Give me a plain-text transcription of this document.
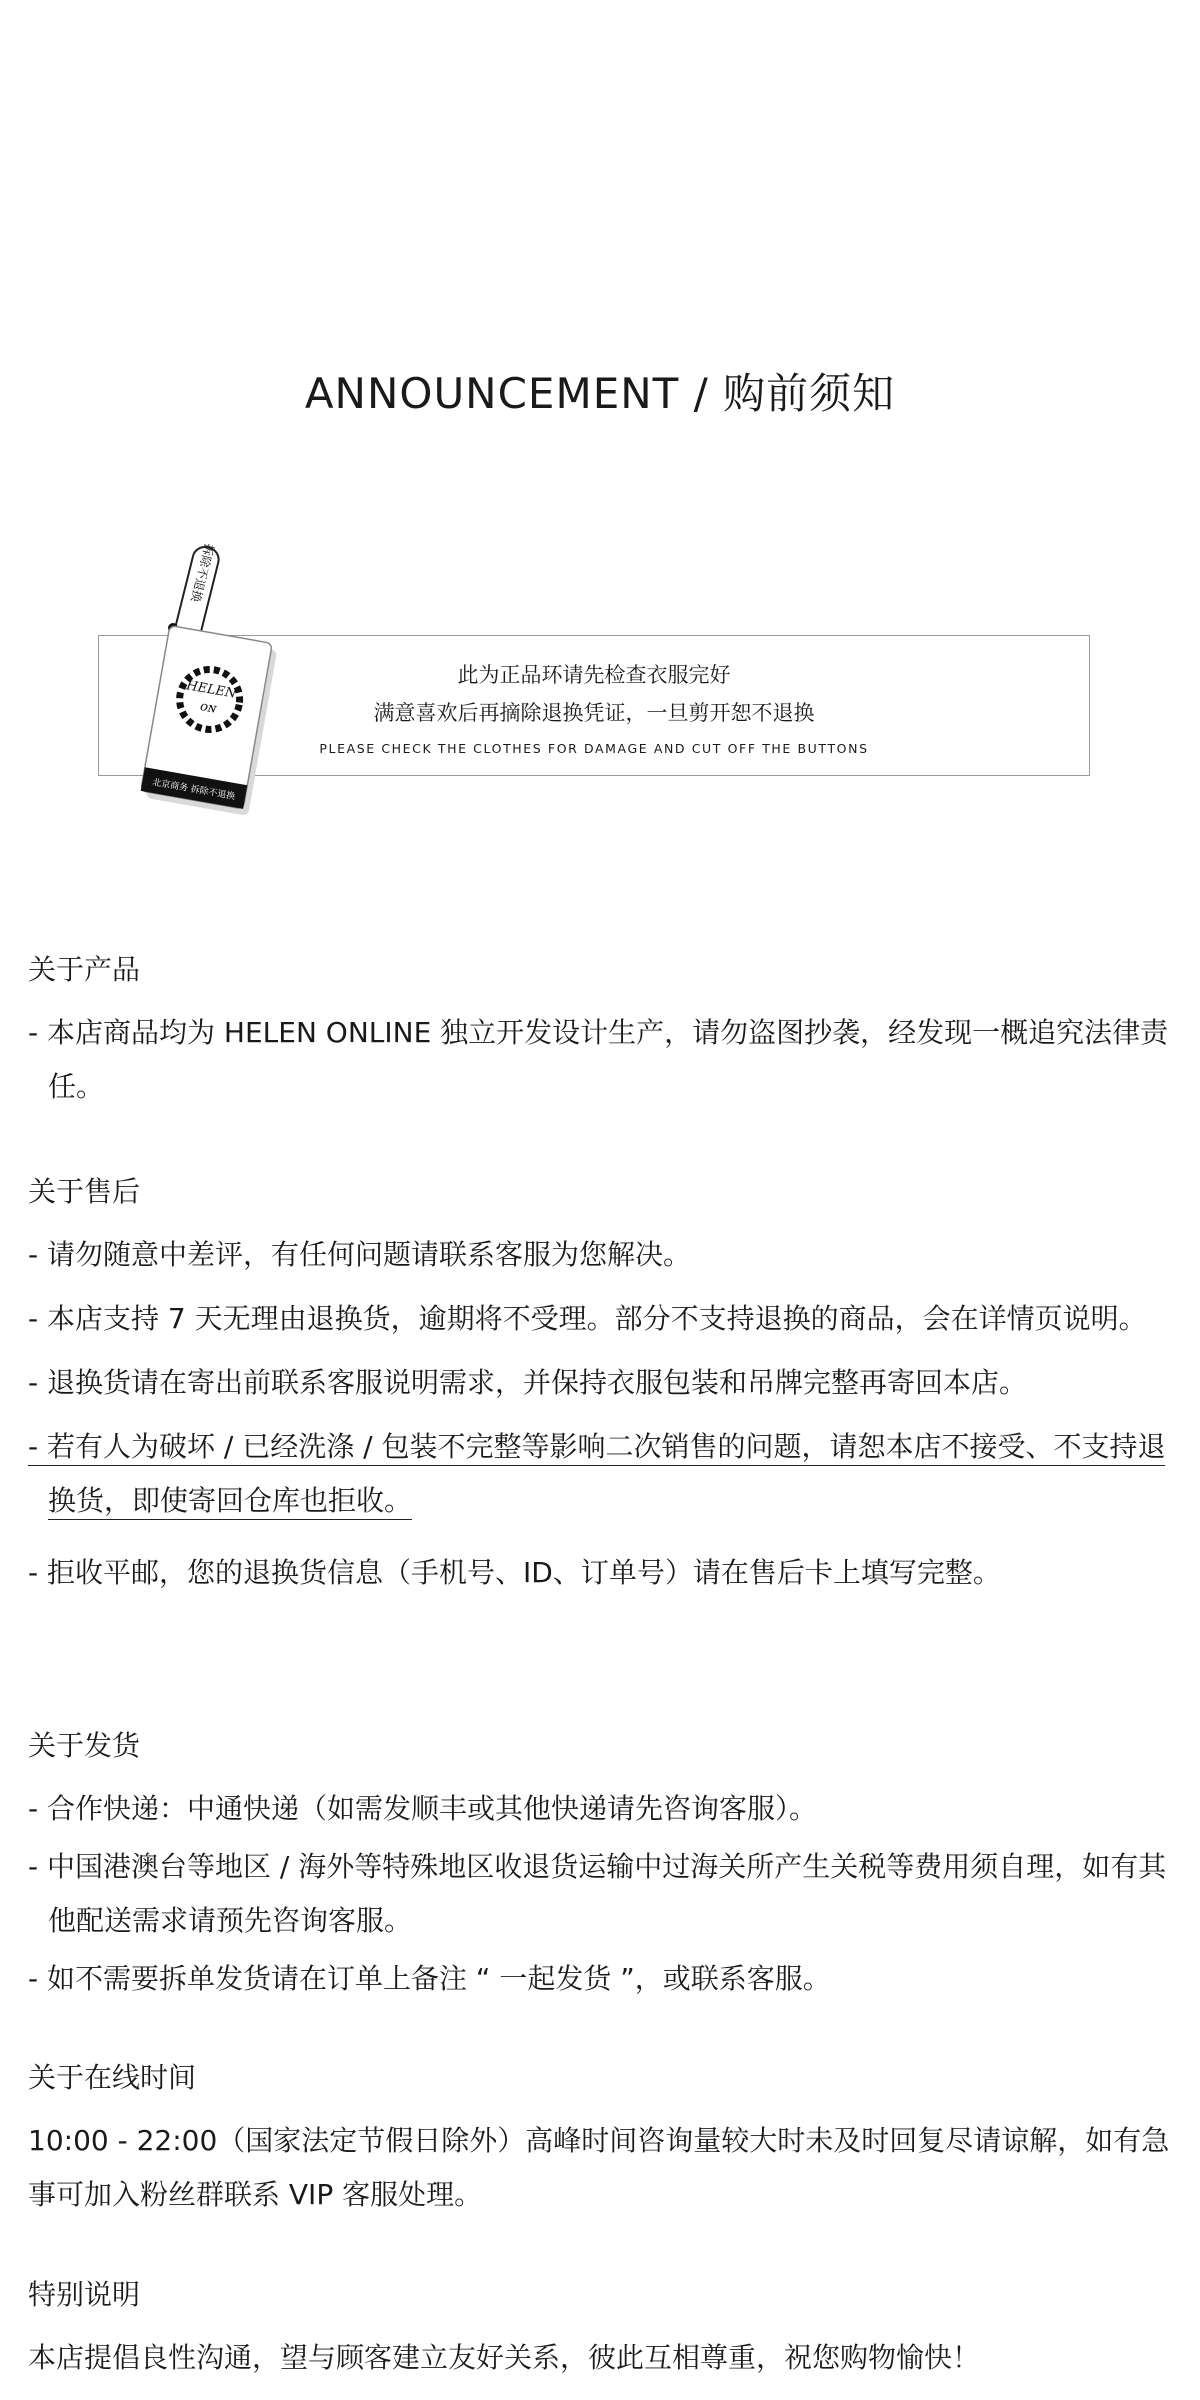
ANNOUNCEMENT / 购前须知

此为正品环请先检查衣服完好

满意喜欢后再摘除退换凭证，一旦剪开恕不退换

PLEASE CHECK THE CLOTHES FOR DAMAGE AND CUT OFF THE BUTTONS

拆除不退换
HELEN
ᴏɴ
北京商务 拆除不退换

关于产品

- 本店商品均为 HELEN ONLINE 独立开发设计生产，请勿盗图抄袭，经发现一概追究法律责任。

关于售后

- 请勿随意中差评，有任何问题请联系客服为您解决。

- 本店支持 7 天无理由退换货，逾期将不受理。部分不支持退换的商品，会在详情页说明。

- 退换货请在寄出前联系客服说明需求，并保持衣服包装和吊牌完整再寄回本店。

- 若有人为破坏 / 已经洗涤 / 包装不完整等影响二次销售的问题，请恕本店不接受、不支持退换货，即使寄回仓库也拒收。

- 拒收平邮，您的退换货信息（手机号、ID、订单号）请在售后卡上填写完整。

关于发货

- 合作快递：中通快递（如需发顺丰或其他快递请先咨询客服）。

- 中国港澳台等地区 / 海外等特殊地区收退货运输中过海关所产生关税等费用须自理，如有其他配送需求请预先咨询客服。

- 如不需要拆单发货请在订单上备注 “ 一起发货 ”，或联系客服。

关于在线时间

10:00 - 22:00（国家法定节假日除外）高峰时间咨询量较大时未及时回复尽请谅解，如有急事可加入粉丝群联系 VIP 客服处理。

特别说明

本店提倡良性沟通，望与顾客建立友好关系，彼此互相尊重，祝您购物愉快！
